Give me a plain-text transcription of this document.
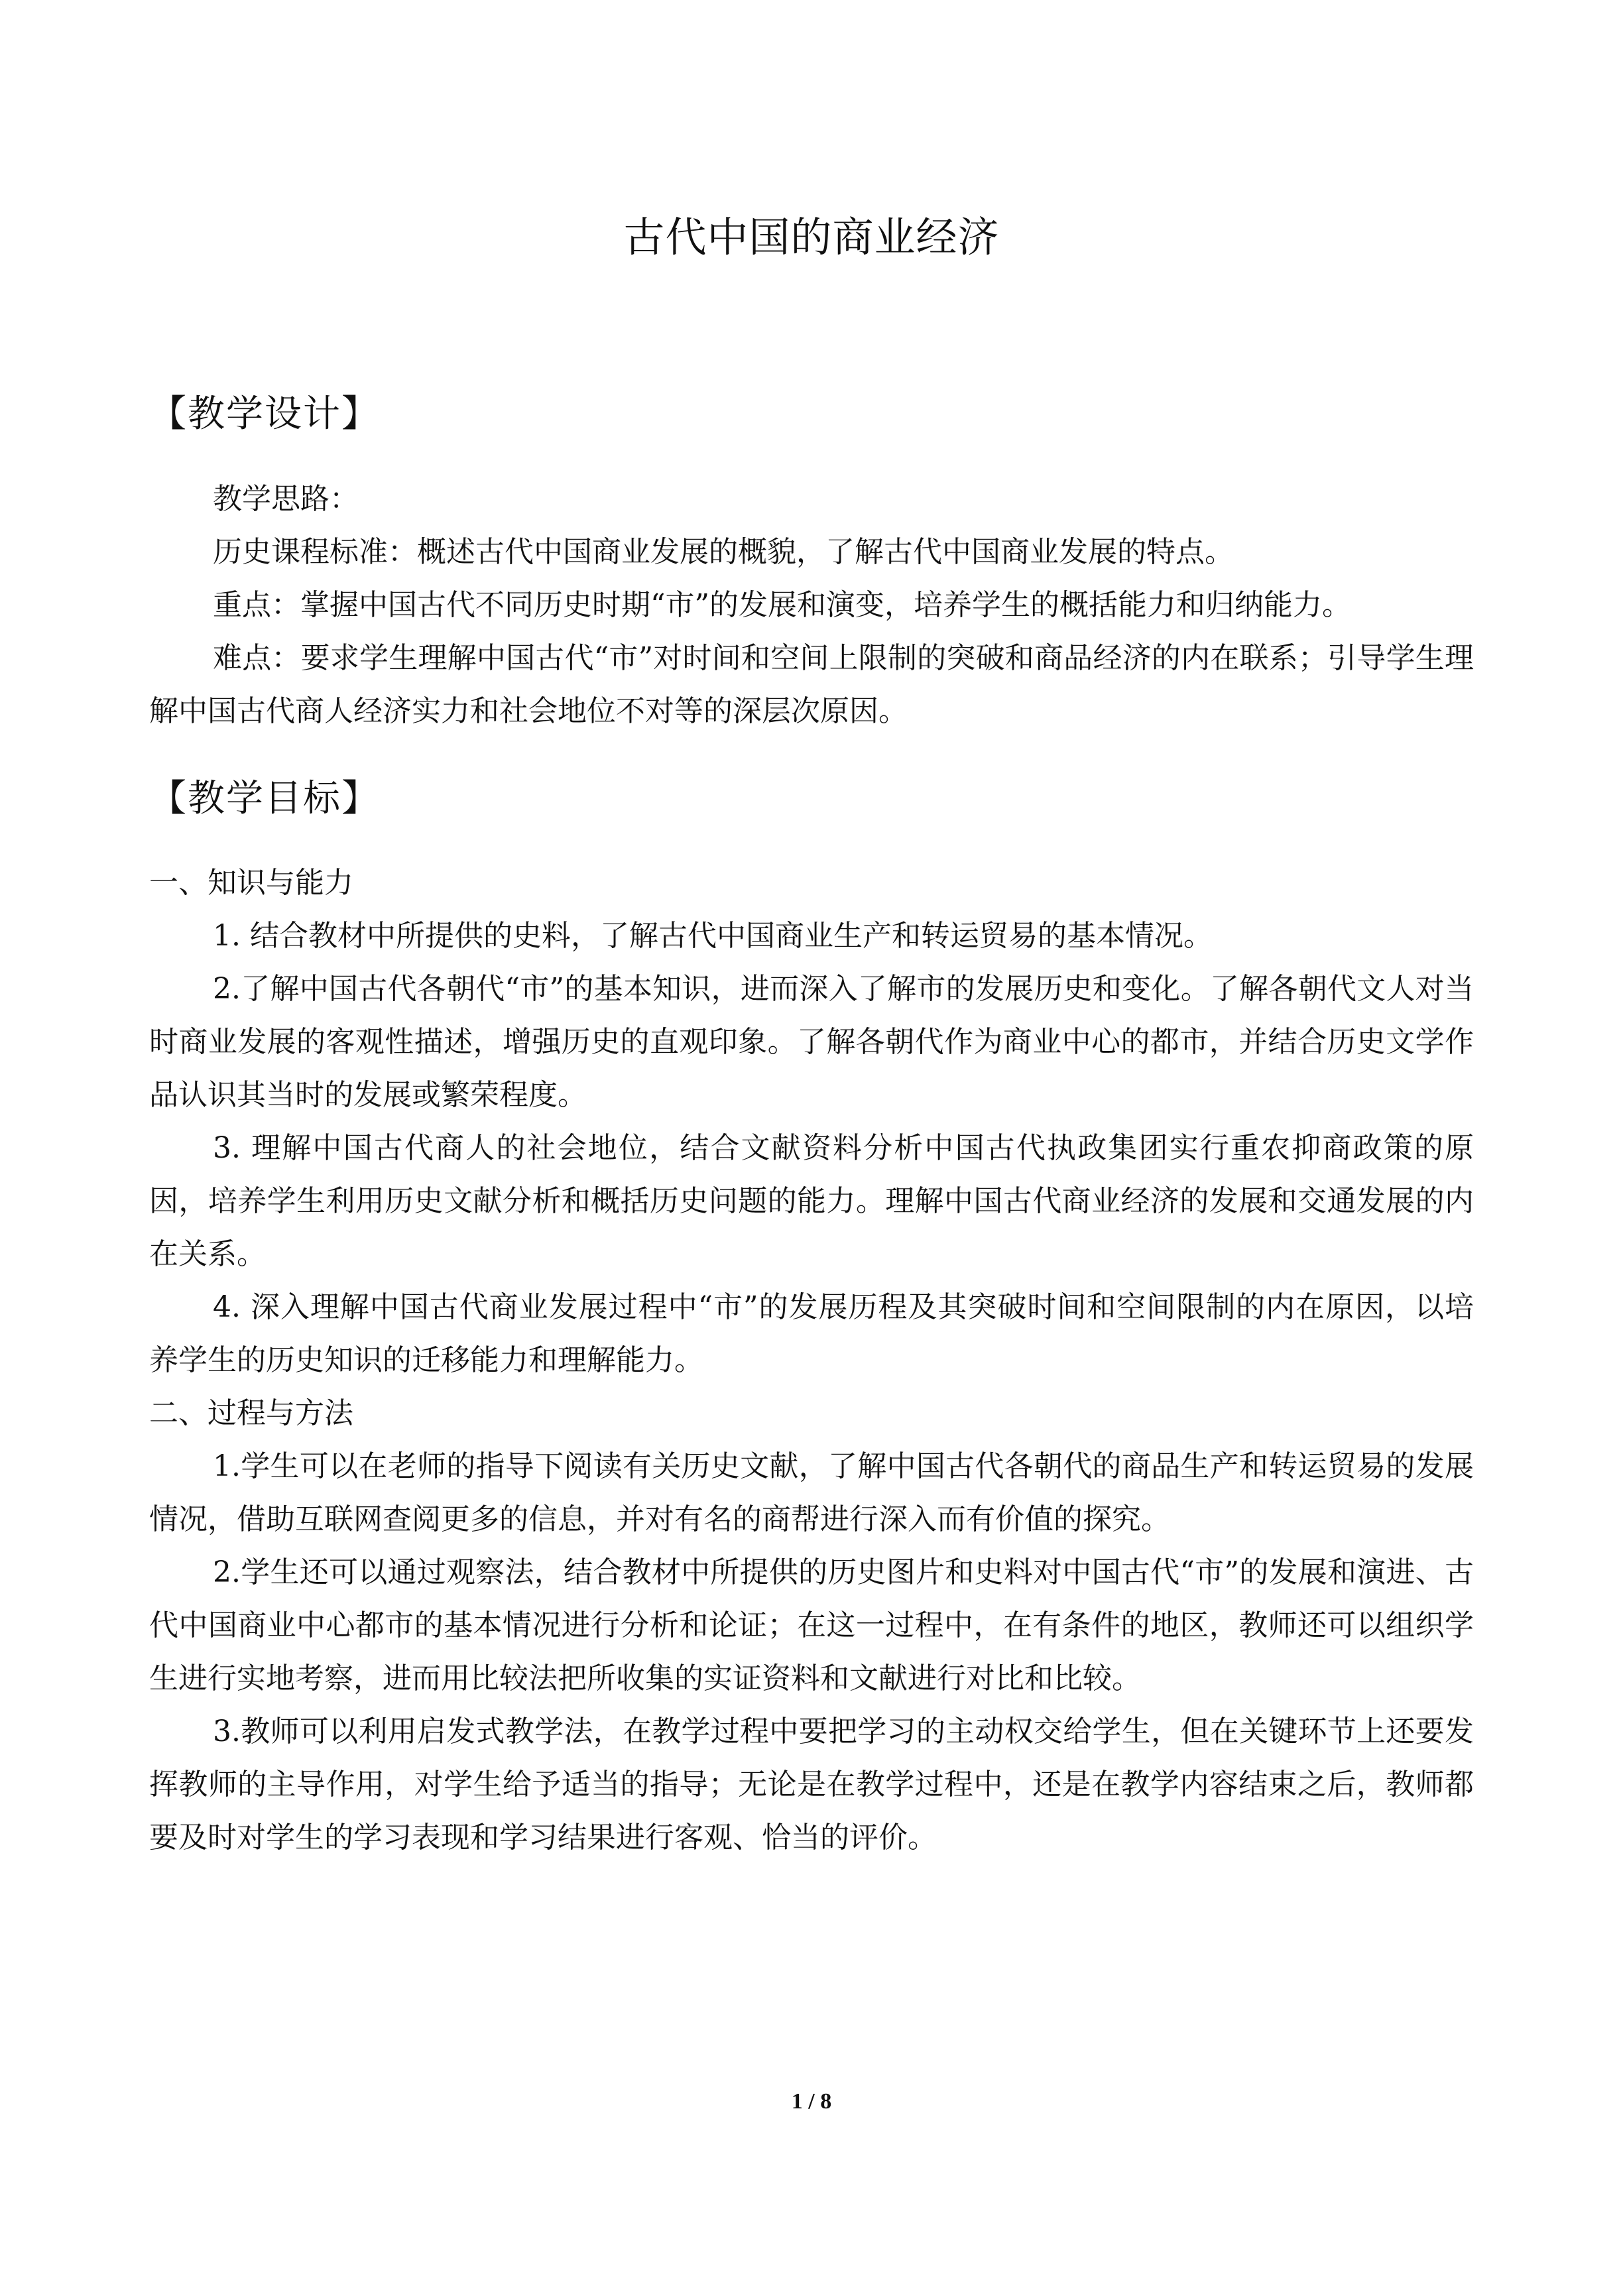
古代中国的商业经济
【教学设计】

教学思路：

历史课程标准：概述古代中国商业发展的概貌，了解古代中国商业发展的特点。

重点：掌握中国古代不同历史时期“市”的发展和演变，培养学生的概括能力和归纳能力。

难点：要求学生理解中国古代“市”对时间和空间上限制的突破和商品经济的内在联系；引导学生理解中国古代商人经济实力和社会地位不对等的深层次原因。

【教学目标】

一、知识与能力

1. 结合教材中所提供的史料，了解古代中国商业生产和转运贸易的基本情况。

2.了解中国古代各朝代“市”的基本知识，进而深入了解市的发展历史和变化。了解各朝代文人对当时商业发展的客观性描述，增强历史的直观印象。了解各朝代作为商业中心的都市，并结合历史文学作品认识其当时的发展或繁荣程度。

3. 理解中国古代商人的社会地位，结合文献资料分析中国古代执政集团实行重农抑商政策的原因，培养学生利用历史文献分析和概括历史问题的能力。理解中国古代商业经济的发展和交通发展的内在关系。

4. 深入理解中国古代商业发展过程中“市”的发展历程及其突破时间和空间限制的内在原因，以培养学生的历史知识的迁移能力和理解能力。

二、过程与方法

1.学生可以在老师的指导下阅读有关历史文献，了解中国古代各朝代的商品生产和转运贸易的发展情况，借助互联网查阅更多的信息，并对有名的商帮进行深入而有价值的探究。

2.学生还可以通过观察法，结合教材中所提供的历史图片和史料对中国古代“市”的发展和演进、古代中国商业中心都市的基本情况进行分析和论证；在这一过程中，在有条件的地区，教师还可以组织学生进行实地考察，进而用比较法把所收集的实证资料和文献进行对比和比较。

3.教师可以利用启发式教学法，在教学过程中要把学习的主动权交给学生，但在关键环节上还要发挥教师的主导作用，对学生给予适当的指导；无论是在教学过程中，还是在教学内容结束之后，教师都要及时对学生的学习表现和学习结果进行客观、恰当的评价。

1 / 8
